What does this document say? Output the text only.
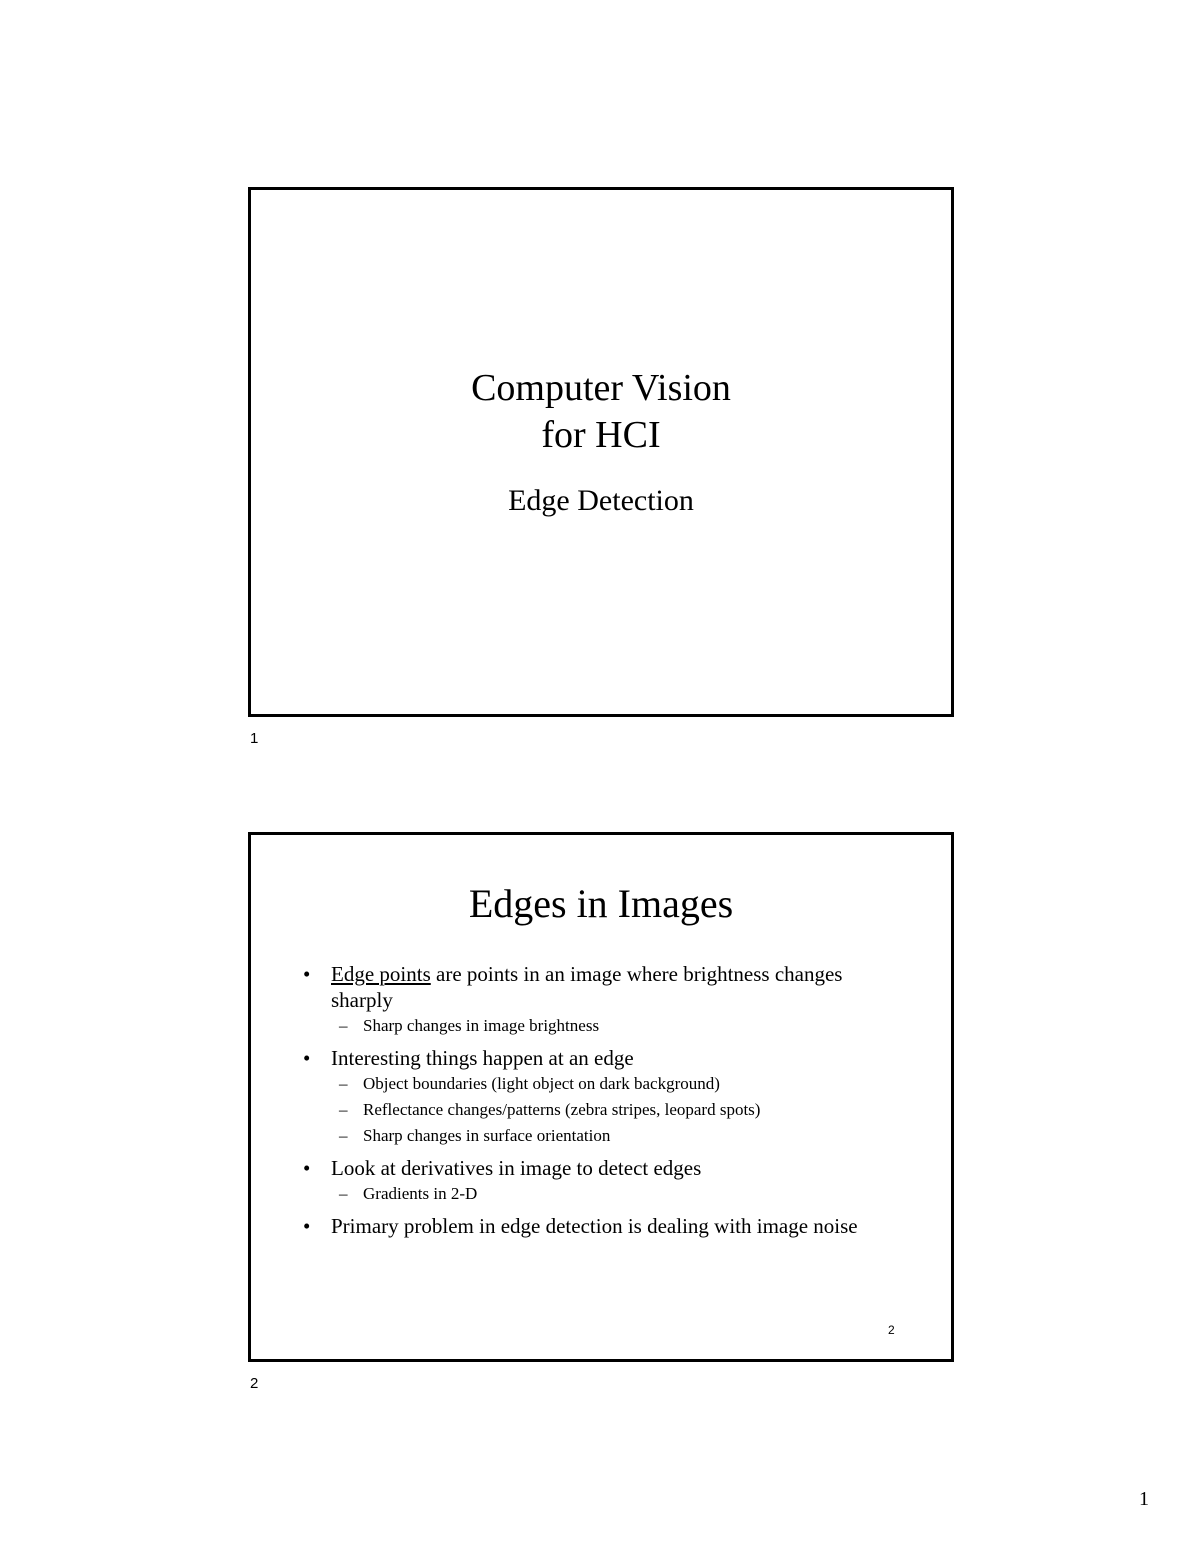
Computer Vision
for HCI
Edge Detection
1
Edges in Images
• Edge points are points in an image where brightness changes sharply
– Sharp changes in image brightness
• Interesting things happen at an edge
– Object boundaries (light object on dark background)
– Reflectance changes/patterns (zebra stripes, leopard spots)
– Sharp changes in surface orientation
• Look at derivatives in image to detect edges
– Gradients in 2-D
• Primary problem in edge detection is dealing with image noise
2
2
1
